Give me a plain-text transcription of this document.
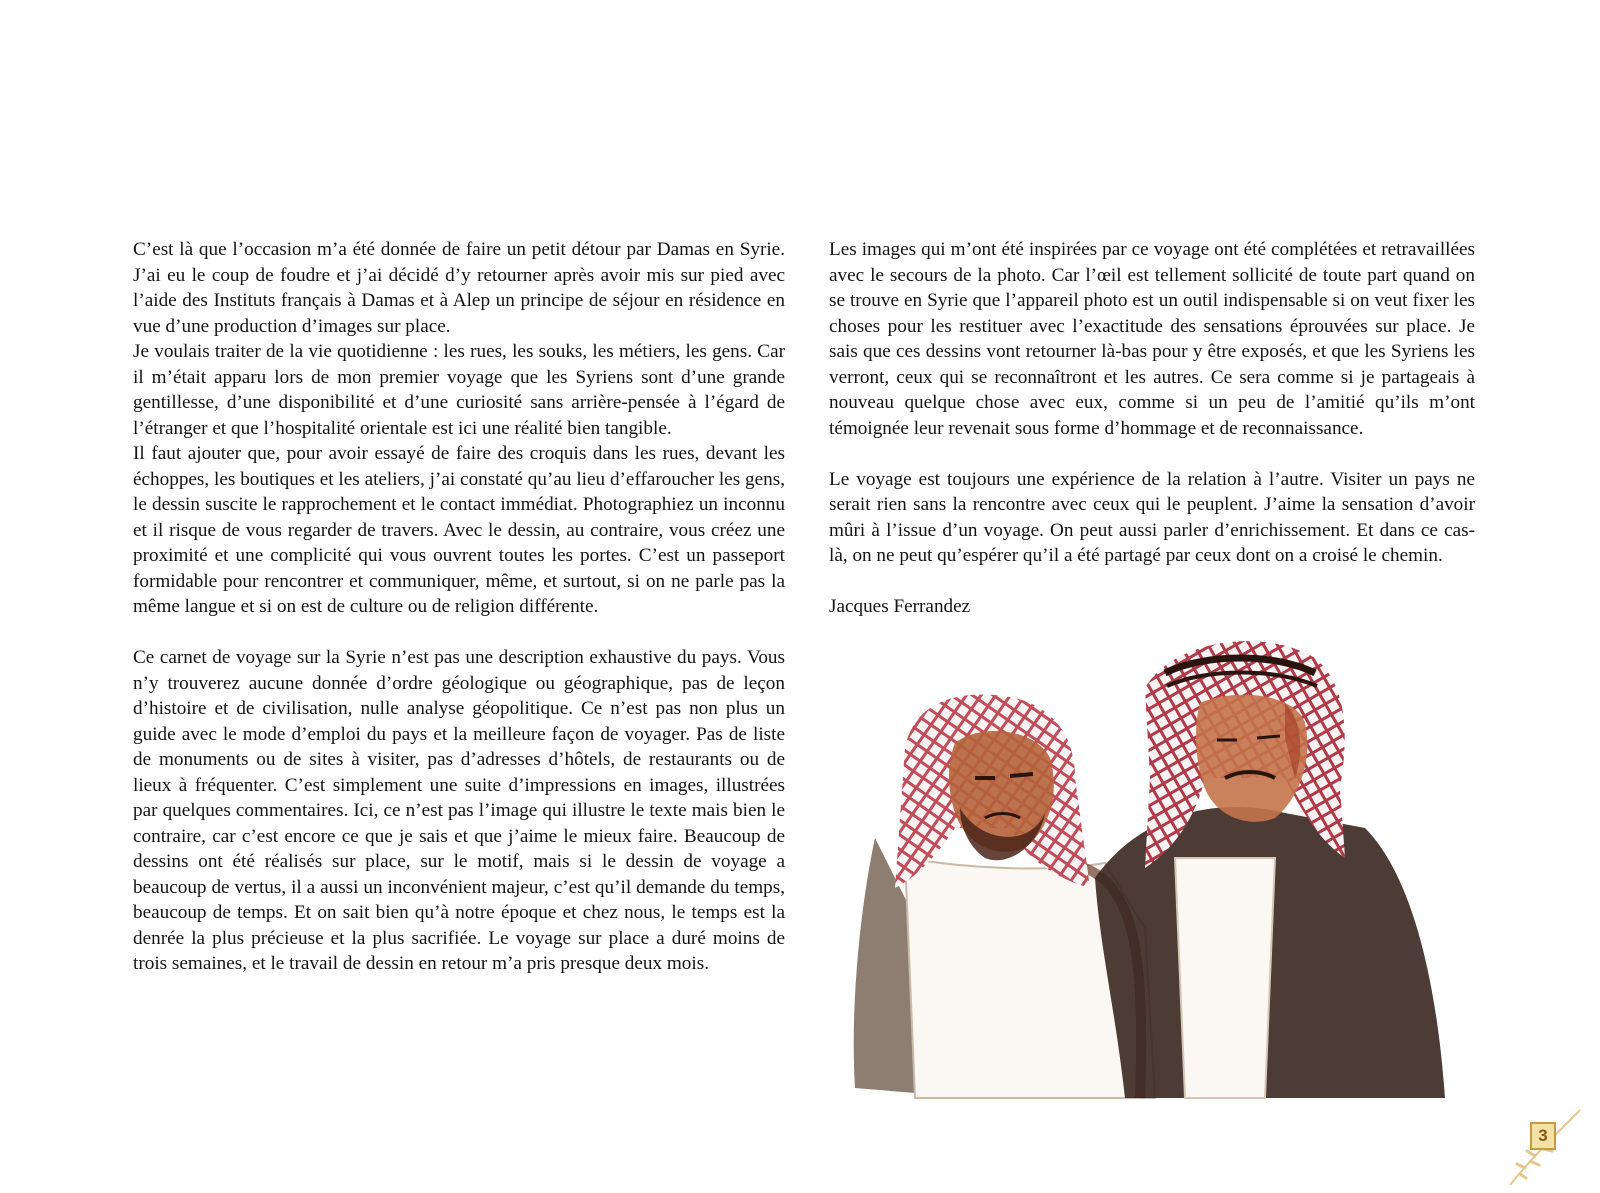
C’est là que l’occasion m’a été donnée de faire un petit détour par Damas en Syrie. J’ai eu le coup de foudre et j’ai décidé d’y retourner après avoir mis sur pied avec l’aide des Instituts français à Damas et à Alep un principe de séjour en résidence en vue d’une production d’images sur place.

Je voulais traiter de la vie quotidienne : les rues, les souks, les métiers, les gens. Car il m’était apparu lors de mon premier voyage que les Syriens sont d’une grande gentillesse, d’une disponibilité et d’une curiosité sans arrière-pensée à l’égard de l’étranger et que l’hospitalité orientale est ici une réalité bien tangible.

Il faut ajouter que, pour avoir essayé de faire des croquis dans les rues, devant les échoppes, les boutiques et les ateliers, j’ai constaté qu’au lieu d’effaroucher les gens, le dessin suscite le rapprochement et le contact immédiat. Photographiez un inconnu et il risque de vous regarder de travers. Avec le dessin, au contraire, vous créez une proximité et une complicité qui vous ouvrent toutes les portes. C’est un passeport formidable pour rencontrer et communiquer, même, et surtout, si on ne parle pas la même langue et si on est de culture ou de religion différente.

Ce carnet de voyage sur la Syrie n’est pas une description exhaustive du pays. Vous n’y trouverez aucune donnée d’ordre géologique ou géographique, pas de leçon d’histoire et de civilisation, nulle analyse géopolitique. Ce n’est pas non plus un guide avec le mode d’emploi du pays et la meilleure façon de voyager. Pas de liste de monuments ou de sites à visiter, pas d’adresses d’hôtels, de restaurants ou de lieux à fréquenter. C’est simplement une suite d’impressions en images, illustrées par quelques commentaires. Ici, ce n’est pas l’image qui illustre le texte mais bien le contraire, car c’est encore ce que je sais et que j’aime le mieux faire. Beaucoup de dessins ont été réalisés sur place, sur le motif, mais si le dessin de voyage a beaucoup de vertus, il a aussi un inconvénient majeur, c’est qu’il demande du temps, beaucoup de temps. Et on sait bien qu’à notre époque et chez nous, le temps est la denrée la plus précieuse et la plus sacrifiée. Le voyage sur place a duré moins de trois semaines, et le travail de dessin en retour m’a pris presque deux mois.

Les images qui m’ont été inspirées par ce voyage ont été complétées et retravaillées avec le secours de la photo. Car l’œil est tellement sollicité de toute part quand on se trouve en Syrie que l’appareil photo est un outil indispensable si on veut fixer les choses pour les restituer avec l’exactitude des sensations éprouvées sur place. Je sais que ces dessins vont retourner là-bas pour y être exposés, et que les Syriens les verront, ceux qui se reconnaîtront et les autres. Ce sera comme si je partageais à nouveau quelque chose avec eux, comme si un peu de l’amitié qu’ils m’ont témoignée leur revenait sous forme d’hommage et de reconnaissance.

Le voyage est toujours une expérience de la relation à l’autre. Visiter un pays ne serait rien sans la rencontre avec ceux qui le peuplent. J’aime la sensation d’avoir mûri à l’issue d’un voyage. On peut aussi parler d’enrichissement. Et dans ce cas-là, on ne peut qu’espérer qu’il a été partagé par ceux dont on a croisé le chemin.

Jacques Ferrandez

3
